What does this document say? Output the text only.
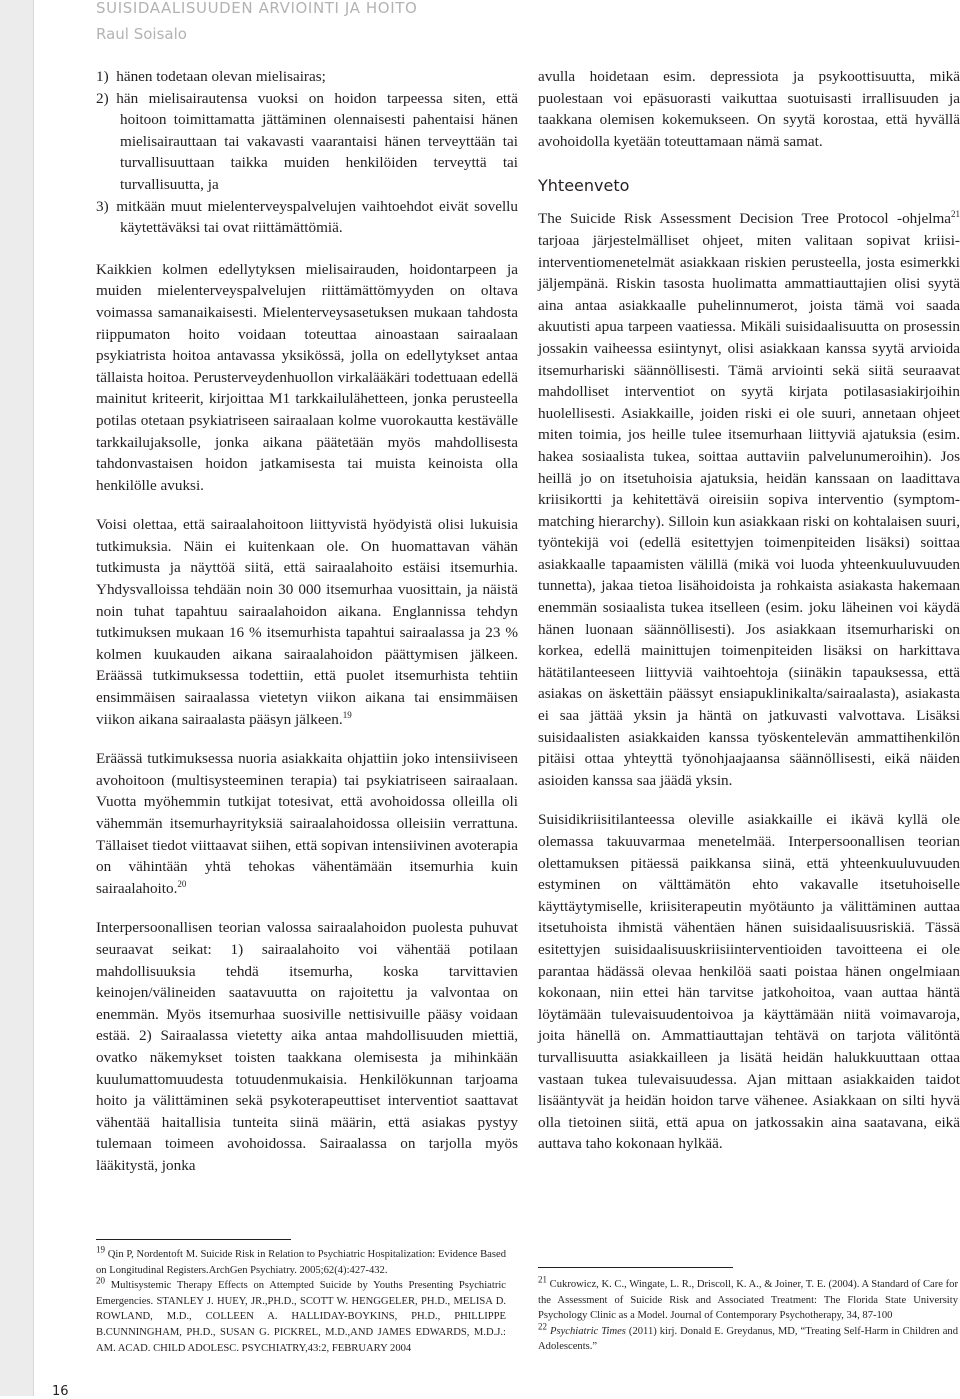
SUISIDAALISUUDEN ARVIOINTI JA HOITO
Raul Soisalo
1) hänen todetaan olevan mielisairas;
2) hän mielisairautensa vuoksi on hoidon tarpeessa siten, että hoitoon toimittamatta jättäminen olennaisesti pahentaisi hänen mielisairauttaan tai vakavasti vaarantaisi hänen terveyttään tai turvallisuuttaan taikka muiden henkilöiden terveyttä tai turvallisuutta, ja
3) mitkään muut mielenterveyspalvelujen vaihtoehdot eivät sovellu käytettäväksi tai ovat riittämättömiä.

Kaikkien kolmen edellytyksen mielisairauden, hoidontarpeen ja muiden mielenterveyspalvelujen riittämättömyyden on oltava voimassa samanaikaisesti. Mielenterveysasetuksen mukaan tahdosta riippumaton hoito voidaan toteuttaa ainoastaan sairaalaan psykiatrista hoitoa antavassa yksikössä, jolla on edellytykset antaa tällaista hoitoa. Perusterveydenhuollon virkalääkäri todettuaan edellä mainitut kriteerit, kirjoittaa M1 tarkkailulähetteen, jonka perusteella potilas otetaan psykiatriseen sairaalaan kolme vuorokautta kestävälle tarkkailujaksolle, jonka aikana päätetään myös mahdollisesta tahdonvastaisen hoidon jatkamisesta tai muista keinoista olla henkilölle avuksi.

Voisi olettaa, että sairaalahoitoon liittyvistä hyödyistä olisi lukuisia tutkimuksia. Näin ei kuitenkaan ole. On huomattavan vähän tutkimusta ja näyttöä siitä, että sairaalahoito estäisi itsemurhia. Yhdysvalloissa tehdään noin 30 000 itsemurhaa vuosittain, ja näistä noin tuhat tapahtuu sairaalahoidon aikana. Englannissa tehdyn tutkimuksen mukaan 16 % itsemurhista tapahtui sairaalassa ja 23 % kolmen kuukauden aikana sairaalahoidon päättymisen jälkeen. Eräässä tutkimuksessa todettiin, että puolet itsemurhista tehtiin ensimmäisen sairaalassa vietetyn viikon aikana tai ensimmäisen viikon aikana sairaalasta pääsyn jälkeen.$^{19}$

Eräässä tutkimuksessa nuoria asiakkaita ohjattiin joko intensiiviseen avohoitoon (multisysteeminen terapia) tai psykiatriseen sairaalaan. Vuotta myöhemmin tutkijat totesivat, että avohoidossa olleilla oli vähemmän itsemurhayrityksiä sairaalahoidossa olleisiin verrattuna. Tällaiset tiedot viittaavat siihen, että sopivan intensiivinen avoterapia on vähintään yhtä tehokas vähentämään itsemurhia kuin sairaalahoito.$^{20}$

Interpersoonallisen teorian valossa sairaalahoidon puolesta puhuvat seuraavat seikat: 1) sairaalahoito voi vähentää potilaan mahdollisuuksia tehdä itsemurha, koska tarvittavien keinojen/välineiden saatavuutta on rajoitettu ja valvontaa on enemmän. Myös itsemurhaa suosiville nettisivuille pääsy voidaan estää. 2) Sairaalassa vietetty aika antaa mahdollisuuden miettiä, ovatko näkemykset toisten taakkana olemisesta ja mihinkään kuulumattomuudesta totuudenmukaisia. Henkilökunnan tarjoama hoito ja välittäminen sekä psykoterapeuttiset interventiot saattavat vähentää haitallisia tunteita siinä määrin, että asiakas pystyy tulemaan toimeen avohoidossa. Sairaalassa on tarjolla myös lääkitystä, jonka

avulla hoidetaan esim. depressiota ja psykoottisuutta, mikä puolestaan voi epäsuorasti vaikuttaa suotuisasti irrallisuuden ja taakkana olemisen kokemukseen. On syytä korostaa, että hyvällä avohoidolla kyetään toteuttamaan nämä samat.

Yhteenveto

The Suicide Risk Assessment Decision Tree Protocol -ohjelma$^{21}$ tarjoaa järjestelmälliset ohjeet, miten valitaan sopivat kriisi-interventiomenetelmät asiakkaan riskien perusteella, josta esimerkki jäljempänä. Riskin tasosta huolimatta ammattiauttajien olisi syytä aina antaa asiakkaalle puhelinnumerot, joista tämä voi saada akuutisti apua tarpeen vaatiessa. Mikäli suisidaalisuutta on prosessin jossakin vaiheessa esiintynyt, olisi asiakkaan kanssa syytä arvioida itsemurhariski säännöllisesti. Tämä arviointi sekä siitä seuraavat mahdolliset interventiot on syytä kirjata potilasasiakirjoihin huolellisesti. Asiakkaille, joiden riski ei ole suuri, annetaan ohjeet miten toimia, jos heille tulee itsemurhaan liittyviä ajatuksia (esim. hakea sosiaalista tukea, soittaa auttaviin palvelunumeroihin). Jos heillä jo on itsetuhoisia ajatuksia, heidän kanssaan on laadittava kriisikortti ja kehitettävä oireisiin sopiva interventio (symptom-matching hierarchy). Silloin kun asiakkaan riski on kohtalaisen suuri, työntekijä voi (edellä esitettyjen toimenpiteiden lisäksi) soittaa asiakkaalle tapaamisten välillä (mikä voi luoda yhteenkuuluvuuden tunnetta), jakaa tietoa lisähoidoista ja rohkaista asiakasta hakemaan enemmän sosiaalista tukea itselleen (esim. joku läheinen voi käydä hänen luonaan säännöllisesti). Jos asiakkaan itsemurhariski on korkea, edellä mainittujen toimenpiteiden lisäksi on harkittava hätätilanteeseen liittyviä vaihtoehtoja (siinäkin tapauksessa, että asiakas on äskettäin päässyt ensiapuklinikalta/sairaalasta), asiakasta ei saa jättää yksin ja häntä on jatkuvasti valvottava. Lisäksi suisidaalisten asiakkaiden kanssa työskentelevän ammattihenkilön pitäisi ottaa yhteyttä työnohjaajaansa säännöllisesti, eikä näiden asioiden kanssa saa jäädä yksin.

Suisidikriisitilanteessa oleville asiakkaille ei ikävä kyllä ole olemassa takuuvarmaa menetelmää. Interpersoonallisen teorian olettamuksen pitäessä paikkansa siinä, että yhteenkuuluvuuden estyminen on välttämätön ehto vakavalle itsetuhoiselle käyttäytymiselle, kriisiterapeutin myötäunto ja välittäminen auttaa itsetuhoista ihmistä vähentäen hänen suisidaalisuusriskiä. Tässä esitettyjen suisidaalisuuskriisiinterventioiden tavoitteena ei ole parantaa hädässä olevaa henkilöä saati poistaa hänen ongelmiaan kokonaan, niin ettei hän tarvitse jatkohoitoa, vaan auttaa häntä löytämään tulevaisuudentoivoa ja käyttämään niitä voimavaroja, joita hänellä on. Ammattiauttajan tehtävä on tarjota välitöntä turvallisuutta asiakkailleen ja lisätä heidän halukkuuttaan ottaa vastaan tukea tulevaisuudessa. Ajan mittaan asiakkaiden taidot lisääntyvät ja heidän hoidon tarve vähenee. Asiakkaan on silti hyvä olla tietoinen siitä, että apua on jatkossakin aina saatavana, eikä auttava taho kokonaan hylkää.

$^{19}$ Qin P, Nordentoft M. Suicide Risk in Relation to Psychiatric Hospitalization: Evidence Based on Longitudinal Registers.ArchGen Psychiatry. 2005;62(4):427-432.

$^{20}$ Multisystemic Therapy Effects on Attempted Suicide by Youths Presenting Psychiatric Emergencies. STANLEY J. HUEY, JR.,PH.D., SCOTT W. HENGGELER, PH.D., MELISA D. ROWLAND, M.D., COLLEEN A. HALLIDAY-BOYKINS, PH.D., PHILLIPPE B.CUNNINGHAM, PH.D., SUSAN G. PICKREL, M.D.,AND JAMES EDWARDS, M.D.J.: AM. ACAD. CHILD ADOLESC. PSYCHIATRY,43:2, FEBRUARY 2004

$^{21}$ Cukrowicz, K. C., Wingate, L. R., Driscoll, K. A., & Joiner, T. E. (2004). A Standard of Care for the Assessment of Suicide Risk and Associated Treatment: The Florida State University Psychology Clinic as a Model. Journal of Contemporary Psychotherapy, 34, 87-100

$^{22}$ Psychiatric Times (2011) kirj. Donald E. Greydanus, MD, “Treating Self-Harm in Children and Adolescents.”

16
